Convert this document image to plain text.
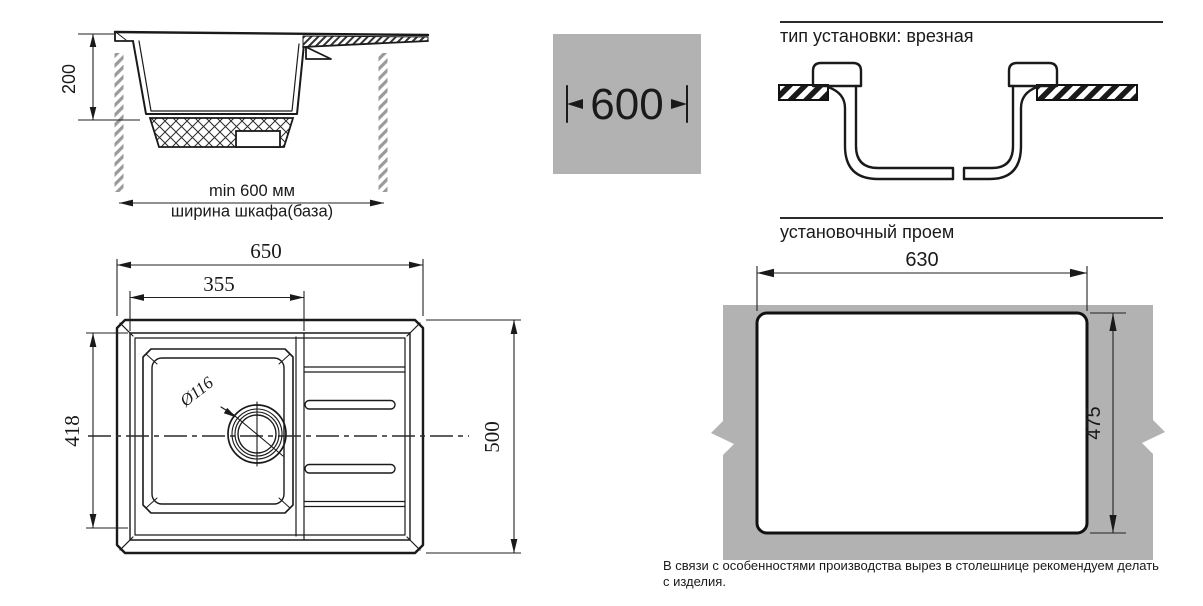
200
min 600 мм
ширина шкафа(база)
600
Ø116
650
355
418	500
630
475
тип установки: врезная
установочный проем
В связи с особенностями производства вырез в столешнице рекомендуем делать с изделия.
